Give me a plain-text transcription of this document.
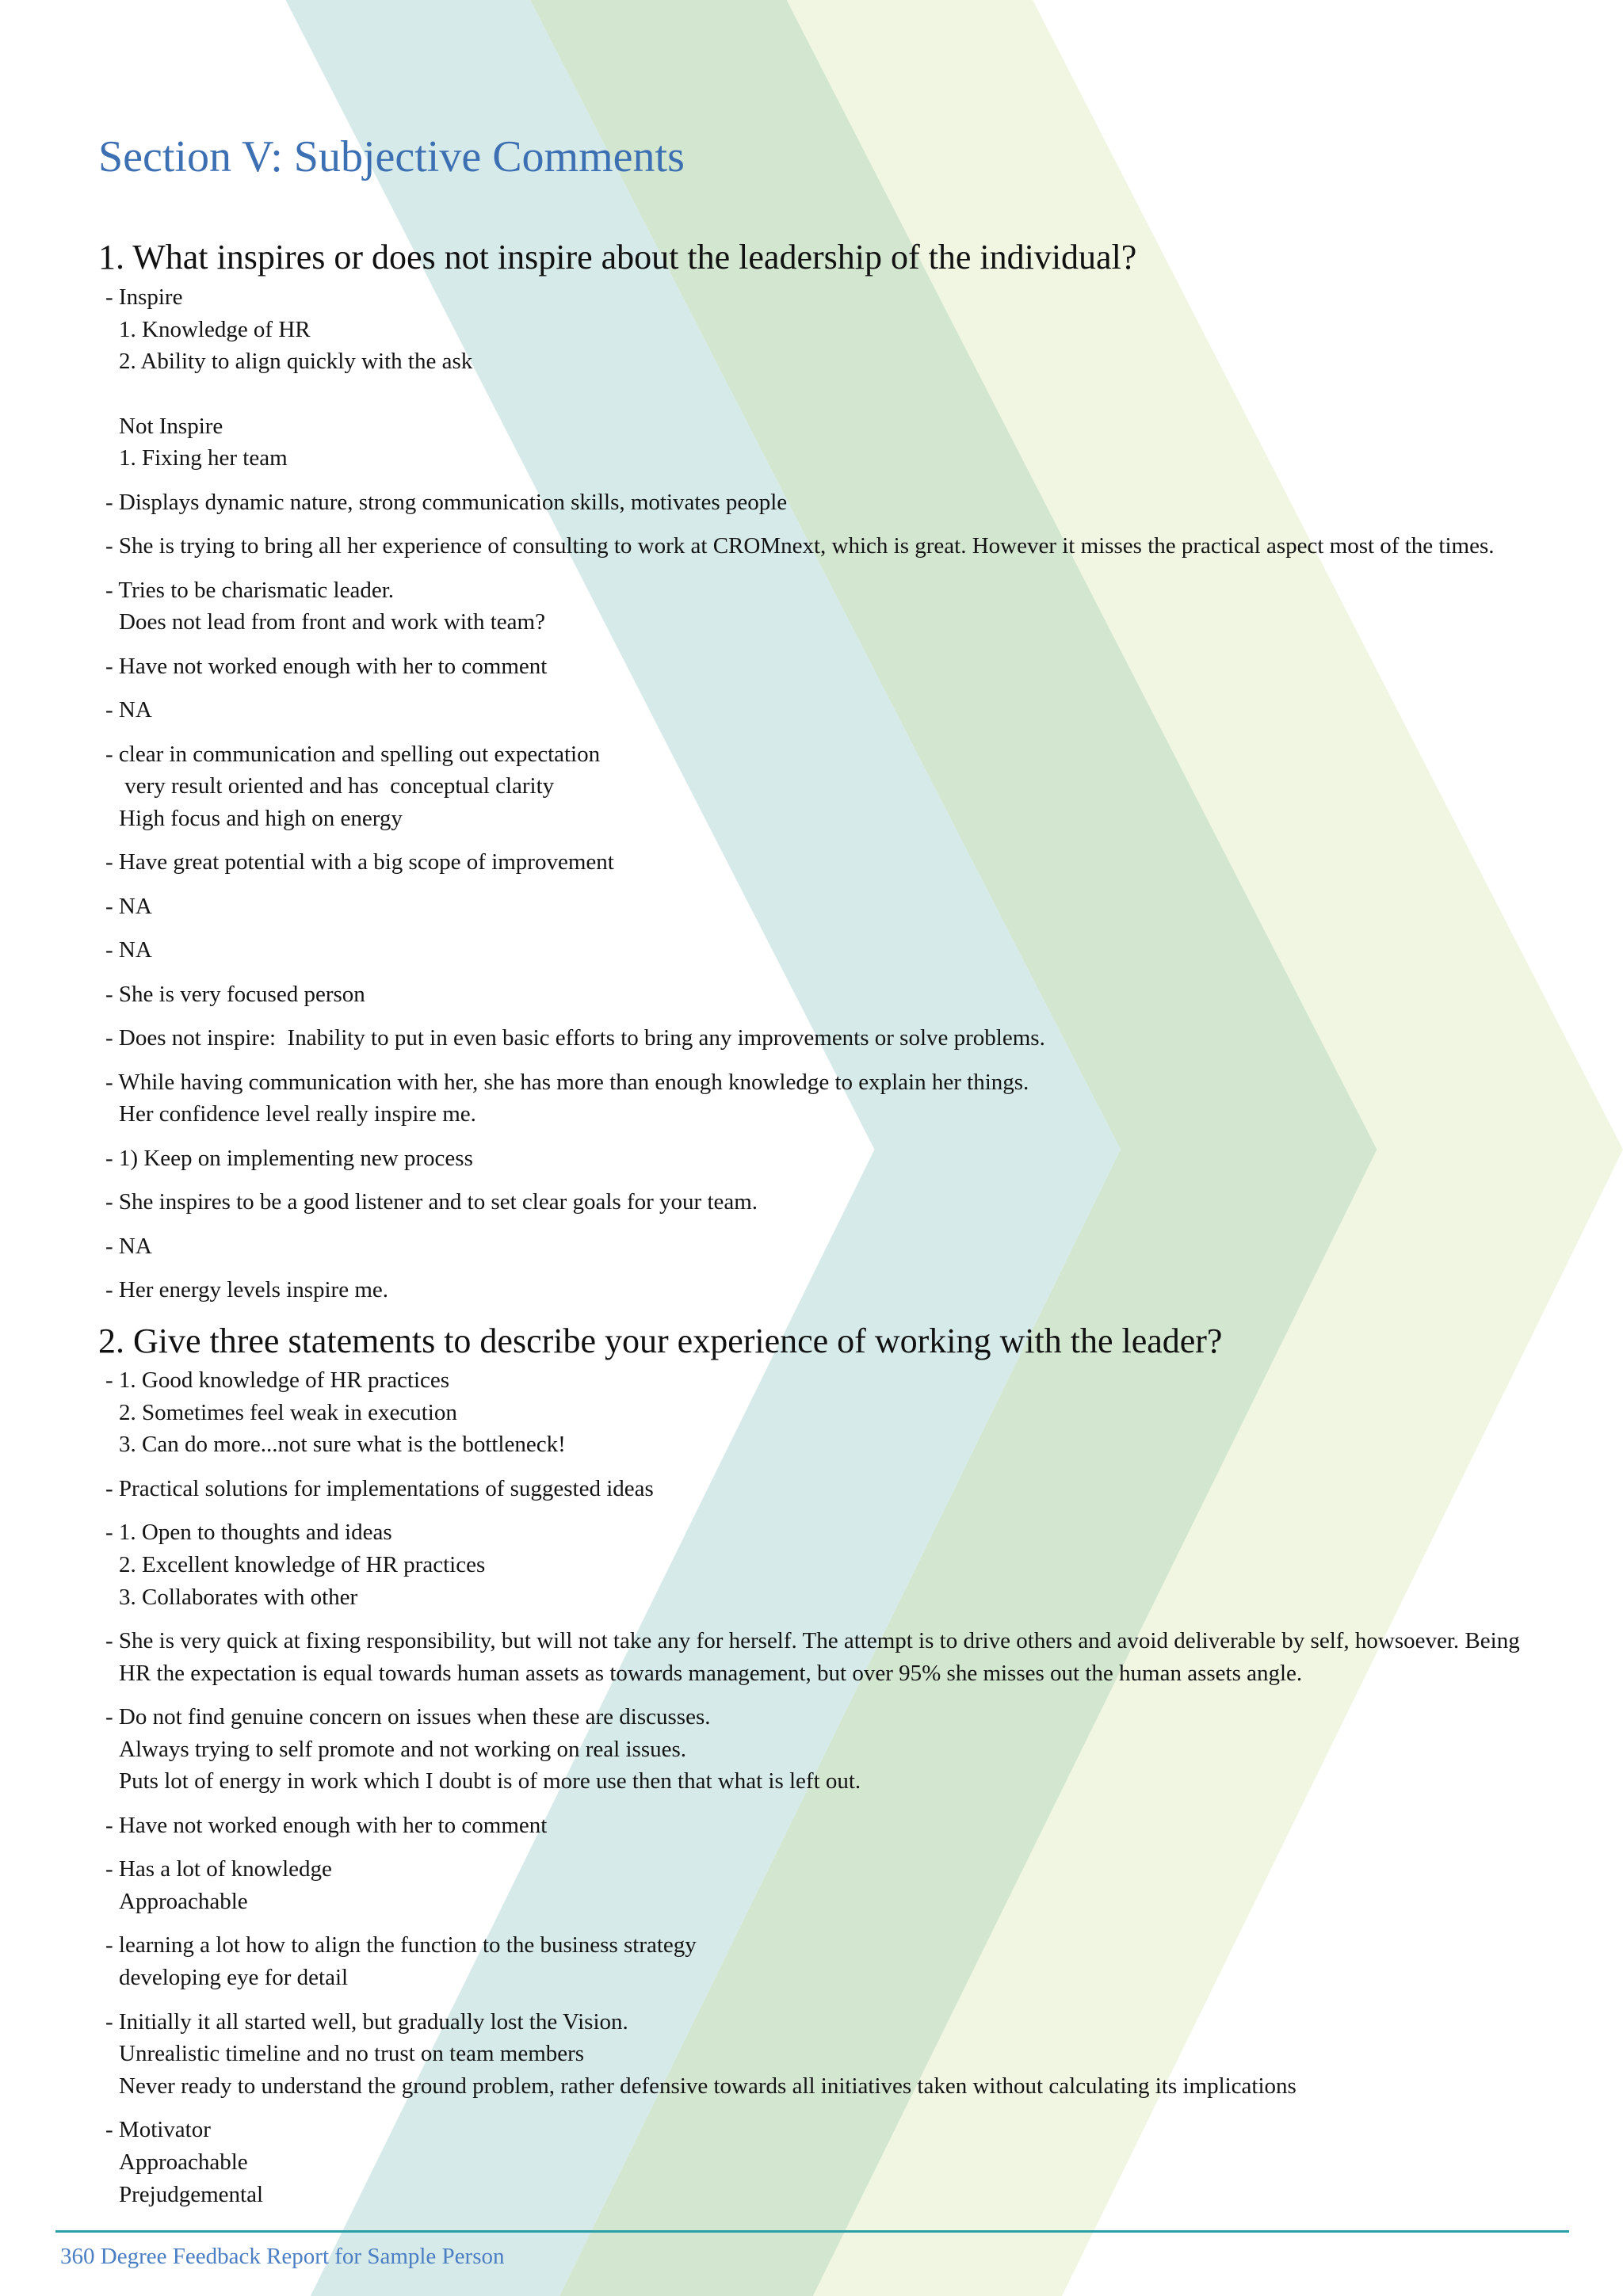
Section V: Subjective Comments
1. What inspires or does not inspire about the leadership of the individual?
- Inspire
1. Knowledge of HR
2. Ability to align quickly with the ask
Not Inspire
1. Fixing her team
- Displays dynamic nature, strong communication skills, motivates people
- She is trying to bring all her experience of consulting to work at CROMnext, which is great. However it misses the practical aspect most of the times.
- Tries to be charismatic leader.
Does not lead from front and work with team?
- Have not worked enough with her to comment
- NA
- clear in communication and spelling out expectation
very result oriented and has  conceptual clarity
High focus and high on energy
- Have great potential with a big scope of improvement
- NA
- NA
- She is very focused person
- Does not inspire:  Inability to put in even basic efforts to bring any improvements or solve problems.
- While having communication with her, she has more than enough knowledge to explain her things.
Her confidence level really inspire me.
- 1) Keep on implementing new process
- She inspires to be a good listener and to set clear goals for your team.
- NA
- Her energy levels inspire me.
2. Give three statements to describe your experience of working with the leader?
- 1. Good knowledge of HR practices
2. Sometimes feel weak in execution
3. Can do more...not sure what is the bottleneck!
- Practical solutions for implementations of suggested ideas
- 1. Open to thoughts and ideas
2. Excellent knowledge of HR practices
3. Collaborates with other
- She is very quick at fixing responsibility, but will not take any for herself. The attempt is to drive others and avoid deliverable by self, howsoever. Being
HR the expectation is equal towards human assets as towards management, but over 95% she misses out the human assets angle.
- Do not find genuine concern on issues when these are discusses.
Always trying to self promote and not working on real issues.
Puts lot of energy in work which I doubt is of more use then that what is left out.
- Have not worked enough with her to comment
- Has a lot of knowledge
Approachable
- learning a lot how to align the function to the business strategy
developing eye for detail
- Initially it all started well, but gradually lost the Vision.
Unrealistic timeline and no trust on team members
Never ready to understand the ground problem, rather defensive towards all initiatives taken without calculating its implications
- Motivator
Approachable
Prejudgemental
360 Degree Feedback Report for Sample Person
